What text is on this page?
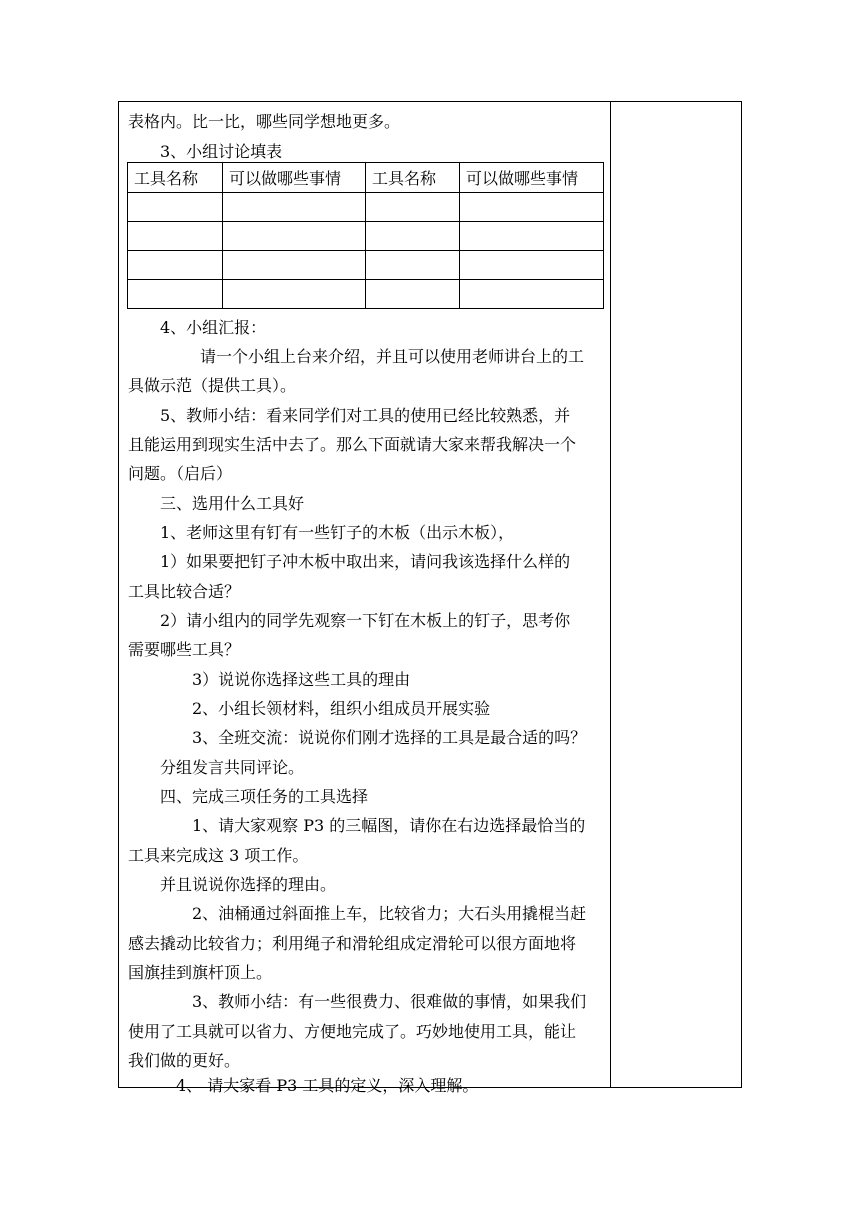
表格内。比一比，哪些同学想地更多。
3、小组讨论填表
工具名称	可以做哪些事情	工具名称	可以做哪些事情

4、小组汇报：
请一个小组上台来介绍，并且可以使用老师讲台上的工
具做示范（提供工具）。
5、教师小结：看来同学们对工具的使用已经比较熟悉，并
且能运用到现实生活中去了。那么下面就请大家来帮我解决一个
问题。（启后）
三、选用什么工具好
1、老师这里有钉有一些钉子的木板（出示木板），
1）如果要把钉子冲木板中取出来，请问我该选择什么样的
工具比较合适？
2）请小组内的同学先观察一下钉在木板上的钉子，思考你
需要哪些工具？
3）说说你选择这些工具的理由
2、小组长领材料，组织小组成员开展实验
3、全班交流：说说你们刚才选择的工具是最合适的吗？
分组发言共同评论。
四、完成三项任务的工具选择
1、请大家观察 P3 的三幅图，请你在右边选择最恰当的
工具来完成这 3 项工作。
并且说说你选择的理由。
2、油桶通过斜面推上车，比较省力；大石头用撬棍当赶
感去撬动比较省力；利用绳子和滑轮组成定滑轮可以很方面地将
国旗挂到旗杆顶上。
3、教师小结：有一些很费力、很难做的事情，如果我们
使用了工具就可以省力、方便地完成了。巧妙地使用工具，能让
我们做的更好。
4、 请大家看 P3 工具的定义，深入理解。
